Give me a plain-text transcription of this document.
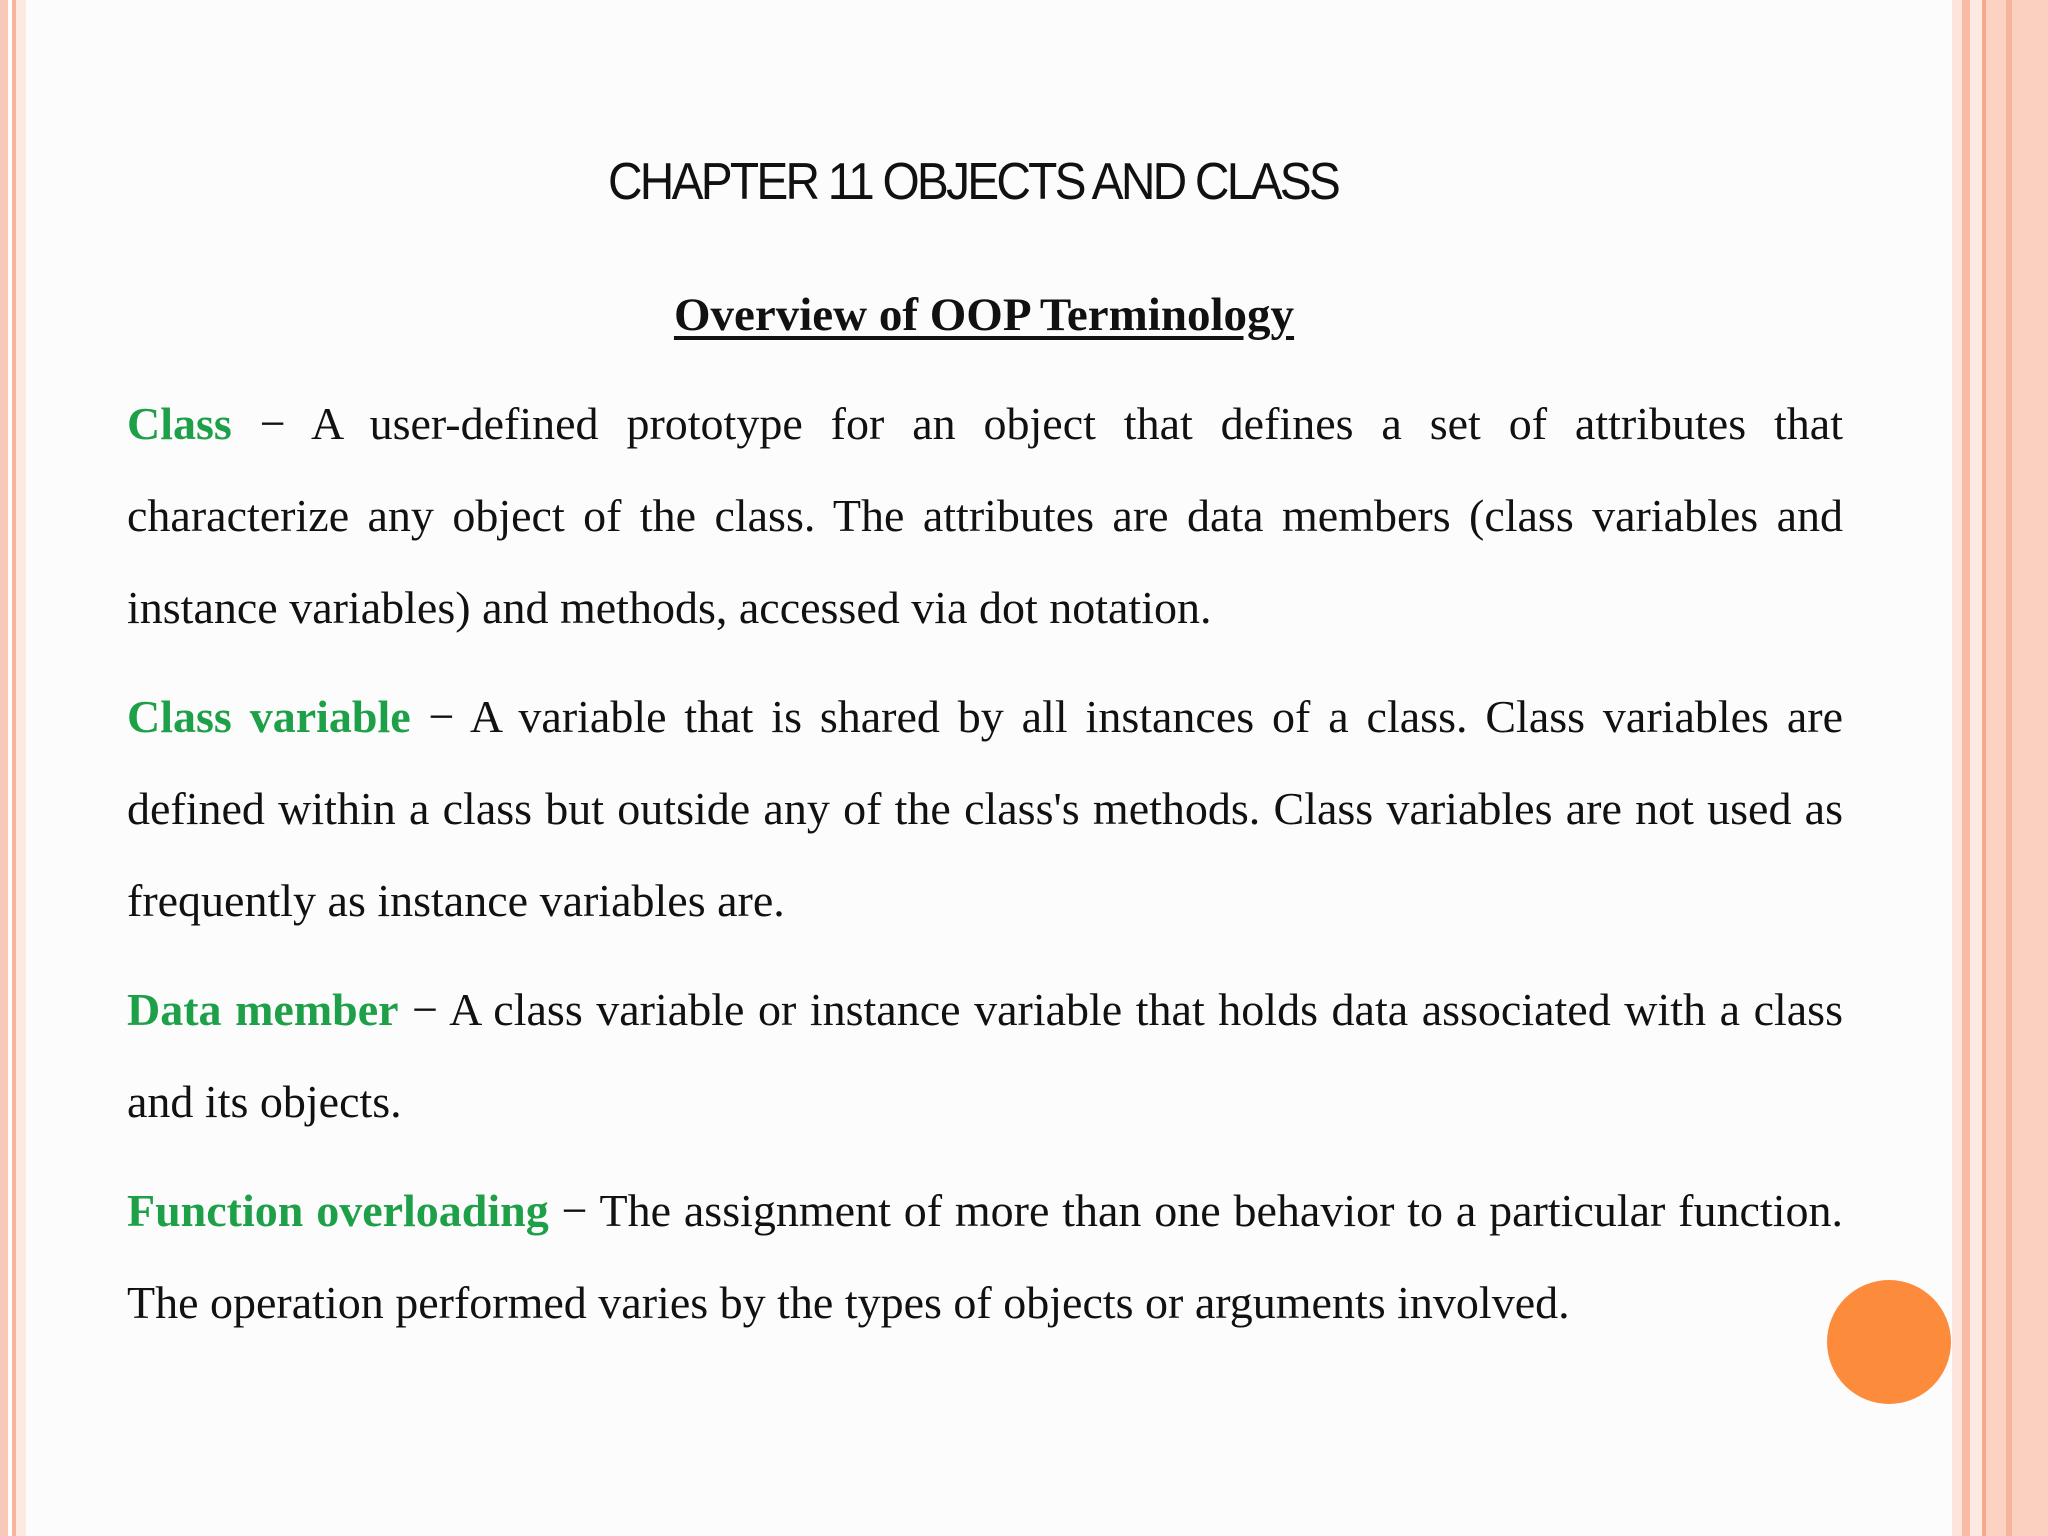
CHAPTER 11 OBJECTS AND CLASS
Overview of OOP Terminology

Class − A user-defined prototype for an object that defines a set of attributes that characterize any object of the class. The attributes are data members (class variables and instance variables) and methods, accessed via dot notation.

Class variable − A variable that is shared by all instances of a class. Class variables are defined within a class but outside any of the class's methods. Class variables are not used as frequently as instance variables are.

Data member − A class variable or instance variable that holds data associated with a class and its objects.

Function overloading − The assignment of more than one behavior to a particular function. The operation performed varies by the types of objects or arguments involved.
